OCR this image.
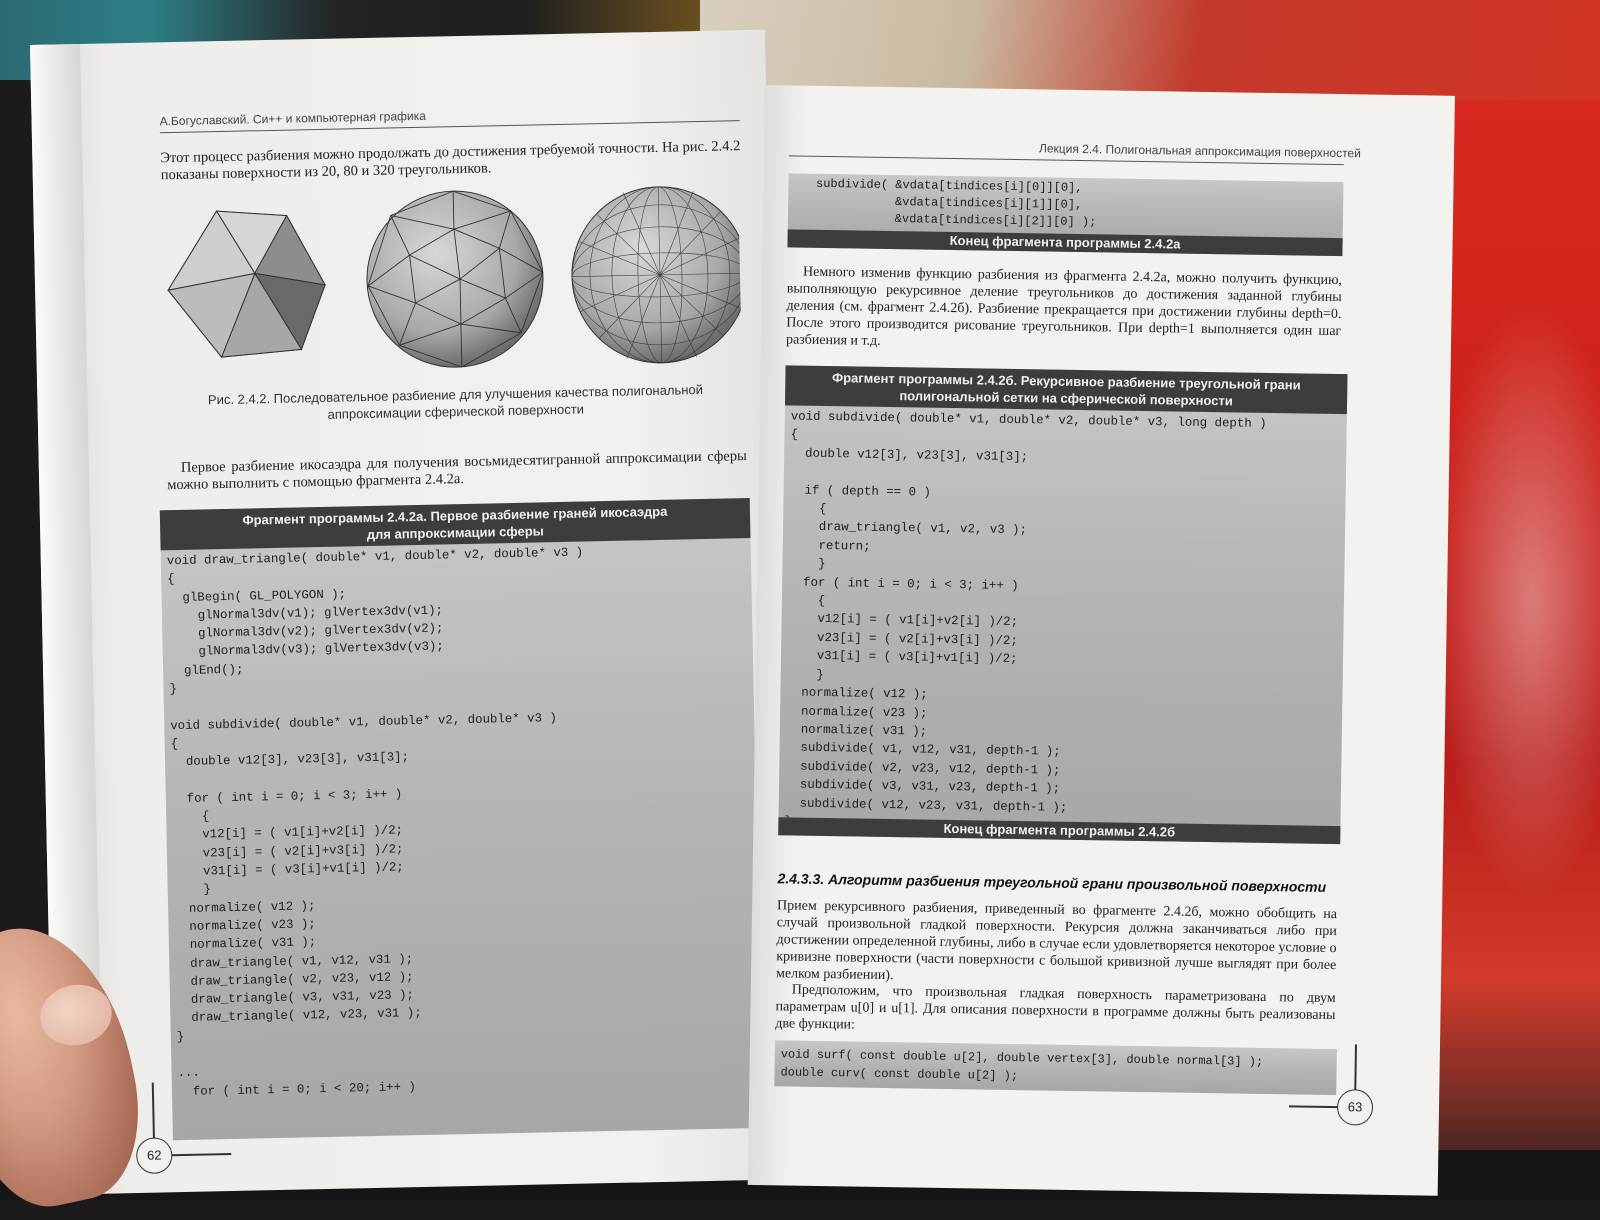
А.Богуславский. Си++ и компьютерная графика
Этот процесс разбиения можно продолжать до достижения требуемой точности. На рис. 2.4.2 показаны поверхности из 20, 80 и 320 треугольников.
Рис. 2.4.2. Последовательное разбиение для улучшения качества полигональной
аппроксимации сферической поверхности
Первое разбиение икосаэдра для получения восьмидесятигранной аппроксимации сферы можно выполнить с помощью фрагмента 2.4.2а.
Фрагмент программы 2.4.2а. Первое разбиение граней икосаэдра
для аппроксимации сферы
void draw_triangle( double* v1, double* v2, double* v3 )
{
glBegin( GL_POLYGON );
glNormal3dv(v1); glVertex3dv(v1);
glNormal3dv(v2); glVertex3dv(v2);
glNormal3dv(v3); glVertex3dv(v3);
glEnd();
}

void subdivide( double* v1, double* v2, double* v3 )
{
double v12[3], v23[3], v31[3];

for ( int i = 0; i < 3; i++ )
{
v12[i] = ( v1[i]+v2[i] )/2;
v23[i] = ( v2[i]+v3[i] )/2;
v31[i] = ( v3[i]+v1[i] )/2;
}
normalize( v12 );
normalize( v23 );
normalize( v31 );
draw_triangle( v1, v12, v31 );
draw_triangle( v2, v23, v12 );
draw_triangle( v3, v31, v23 );
draw_triangle( v12, v23, v31 );
}

...
for ( int i = 0; i < 20; i++ )
62
Лекция 2.4. Полигональная аппроксимация поверхностей
subdivide( &vdata[tindices[i][0]][0],
&vdata[tindices[i][1]][0],
&vdata[tindices[i][2]][0] );
Конец фрагмента программы 2.4.2а
Немного изменив функцию разбиения из фрагмента 2.4.2а, можно получить функцию, выполняющую рекурсивное деление треугольников до достижения заданной глубины деления (см. фрагмент 2.4.2б). Разбиение прекращается при достижении глубины depth=0. После этого производится рисование треугольников. При depth=1 выполняется один шаг разбиения и т.д.
Фрагмент программы 2.4.2б. Рекурсивное разбиение треугольной грани
полигональной сетки на сферической поверхности
void subdivide( double* v1, double* v2, double* v3, long depth )
{
double v12[3], v23[3], v31[3];

if ( depth == 0 )
{
draw_triangle( v1, v2, v3 );
return;
}
for ( int i = 0; i < 3; i++ )
{
v12[i] = ( v1[i]+v2[i] )/2;
v23[i] = ( v2[i]+v3[i] )/2;
v31[i] = ( v3[i]+v1[i] )/2;
}
normalize( v12 );
normalize( v23 );
normalize( v31 );
subdivide( v1, v12, v31, depth-1 );
subdivide( v2, v23, v12, depth-1 );
subdivide( v3, v31, v23, depth-1 );
subdivide( v12, v23, v31, depth-1 );

Конец фрагмента программы 2.4.2б
2.4.3.3. Алгоритм разбиения треугольной грани произвольной поверхности
Прием рекурсивного разбиения, приведенный во фрагменте 2.4.2б, можно обобщить на случай произвольной гладкой поверхности. Рекурсия должна заканчиваться либо при достижении определенной глубины, либо в случае если удовлетворяется некоторое условие о кривизне поверхности (части поверхности с большой кривизной лучше выглядят при более мелком разбиении).
Предположим, что произвольная гладкая поверхность параметризована по двум параметрам u[0] и u[1]. Для описания поверхности в программе должны быть реализованы две функции:
void surf( const double u[2], double vertex[3], double normal[3] );
double curv( const double u[2] );
63
